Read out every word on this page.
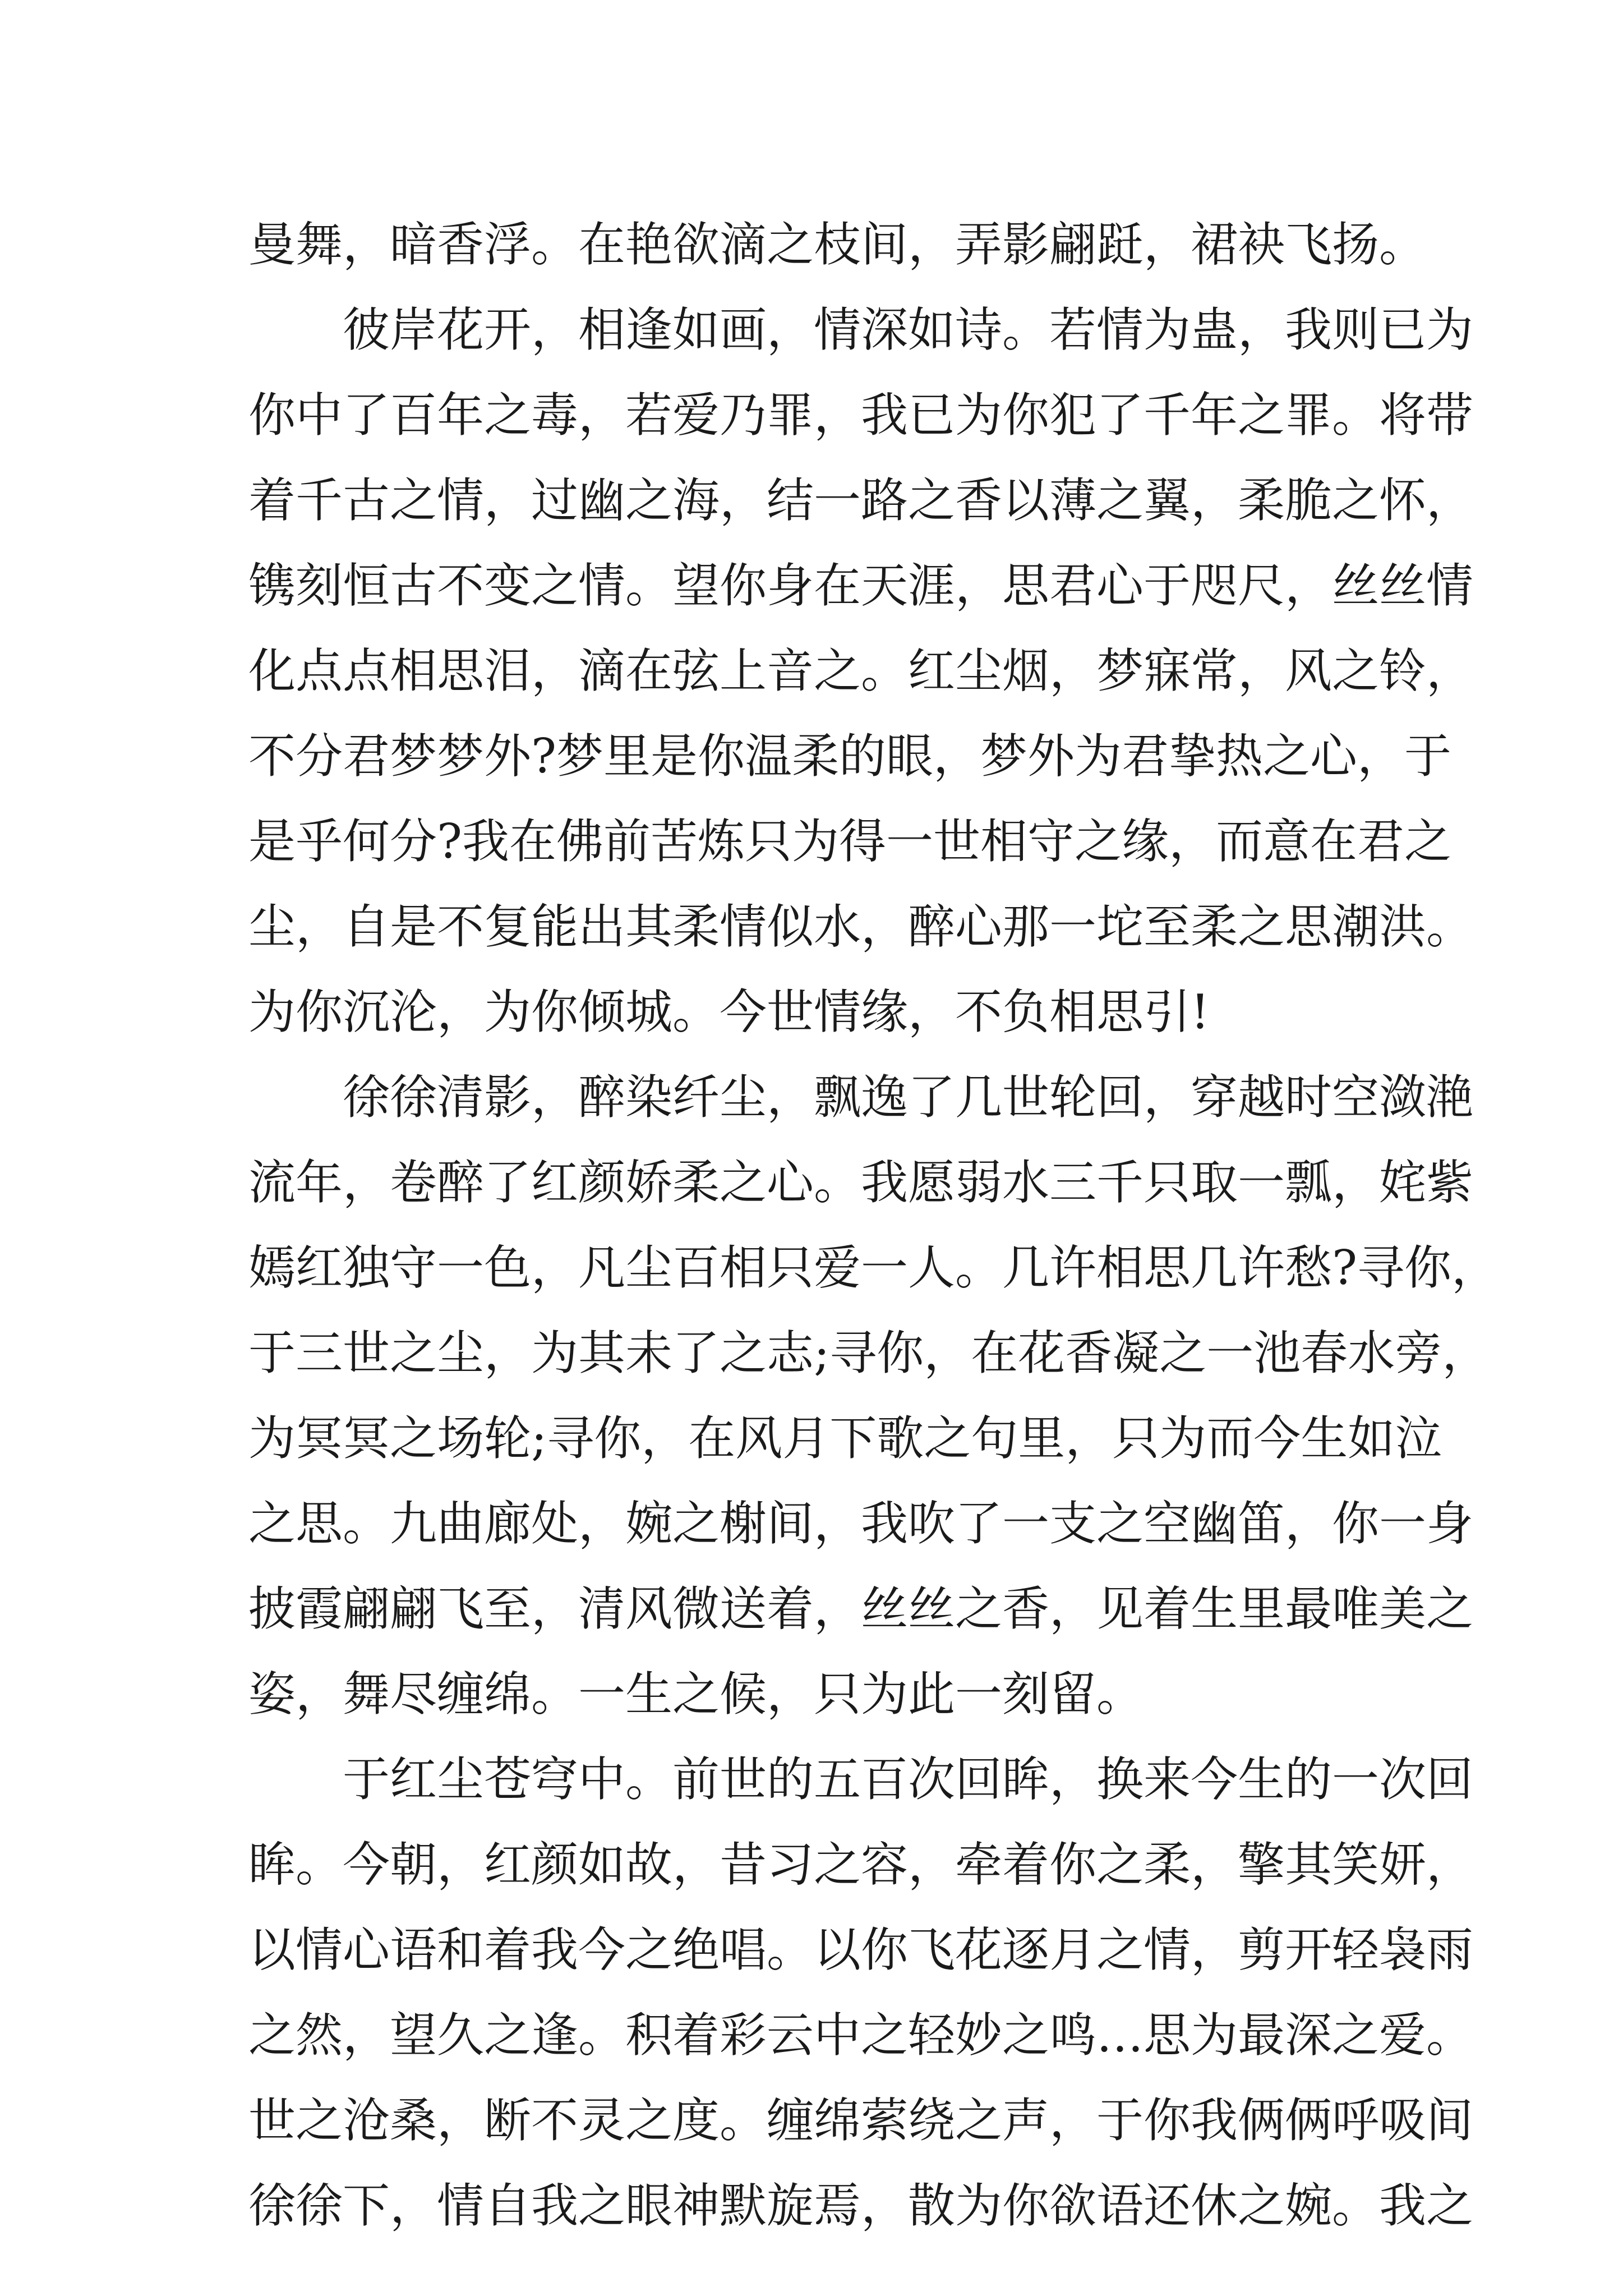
曼舞，暗香浮。在艳欲滴之枝间，弄影翩跹，裙袂飞扬。
彼岸花开，相逢如画，情深如诗。若情为蛊，我则已为
你中了百年之毒，若爱乃罪，我已为你犯了千年之罪。将带
着千古之情，过幽之海，结一路之香以薄之翼，柔脆之怀，
镌刻恒古不变之情。望你身在天涯，思君心于咫尺，丝丝情
化点点相思泪，滴在弦上音之。红尘烟，梦寐常，风之铃，
不分君梦梦外?梦里是你温柔的眼，梦外为君挚热之心，于
是乎何分?我在佛前苦炼只为得一世相守之缘，而意在君之
尘，自是不复能出其柔情似水，醉心那一坨至柔之思潮洪。
为你沉沦，为你倾城。今世情缘，不负相思引!
徐徐清影，醉染纤尘，飘逸了几世轮回，穿越时空潋滟
流年，卷醉了红颜娇柔之心。我愿弱水三千只取一瓢，姹紫
嫣红独守一色，凡尘百相只爱一人。几许相思几许愁?寻你，
于三世之尘，为其未了之志;寻你，在花香凝之一池春水旁，
为冥冥之场轮;寻你，在风月下歌之句里，只为而今生如泣
之思。九曲廊处，婉之榭间，我吹了一支之空幽笛，你一身
披霞翩翩飞至，清风微送着，丝丝之香，见着生里最唯美之
姿，舞尽缠绵。一生之候，只为此一刻留。
于红尘苍穹中。前世的五百次回眸，换来今生的一次回
眸。今朝，红颜如故，昔习之容，牵着你之柔，擎其笑妍，
以情心语和着我今之绝唱。以你飞花逐月之情，剪开轻袅雨
之然，望久之逢。积着彩云中之轻妙之鸣…思为最深之爱。
世之沧桑，断不灵之度。缠绵萦绕之声，于你我俩俩呼吸间
徐徐下，情自我之眼神默旋焉，散为你欲语还休之婉。我之
